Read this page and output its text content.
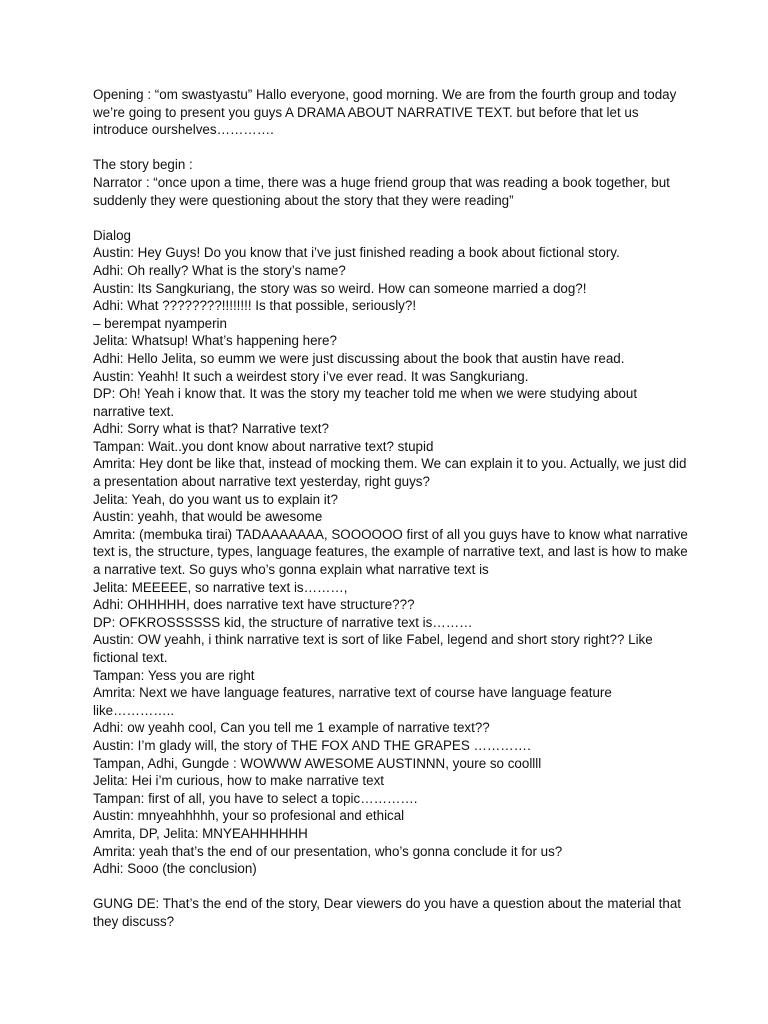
Opening : “om swastyastu” Hallo everyone, good morning. We are from the fourth group and today we’re going to present you guys A DRAMA ABOUT NARRATIVE TEXT. but before that let us introduce ourshelves………….

The story begin :

Narrator : “once upon a time, there was a huge friend group that was reading a book together, but suddenly they were questioning about the story that they were reading”

Dialog

Austin: Hey Guys! Do you know that i’ve just finished reading a book about fictional story.

Adhi: Oh really? What is the story’s name?

Austin: Its Sangkuriang, the story was so weird. How can someone married a dog?!

Adhi: What ????????!!!!!!!! Is that possible, seriously?!

– berempat nyamperin

Jelita: Whatsup! What’s happening here?

Adhi: Hello Jelita, so eumm we were just discussing about the book that austin have read.

Austin: Yeahh! It such a weirdest story i’ve ever read. It was Sangkuriang.

DP: Oh! Yeah i know that. It was the story my teacher told me when we were studying about narrative text.

Adhi: Sorry what is that? Narrative text?

Tampan: Wait..you dont know about narrative text? stupid

Amrita: Hey dont be like that, instead of mocking them. We can explain it to you. Actually, we just did a presentation about narrative text yesterday, right guys?

Jelita: Yeah, do you want us to explain it?

Austin: yeahh, that would be awesome

Amrita: (membuka tirai) TADAAAAAAA, SOOOOOO first of all you guys have to know what narrative text is, the structure, types, language features, the example of narrative text, and last is how to make a narrative text. So guys who’s gonna explain what narrative text is

Jelita: MEEEEE, so narrative text is………,

Adhi: OHHHHH, does narrative text have structure???

DP: OFKROSSSSSS kid, the structure of narrative text is………

Austin: OW yeahh, i think narrative text is sort of like Fabel, legend and short story right?? Like fictional text.

Tampan: Yess you are right

Amrita: Next we have language features, narrative text of course have language feature like…………..

Adhi: ow yeahh cool, Can you tell me 1 example of narrative text??

Austin: I’m glady will, the story of THE FOX AND THE GRAPES ………….

Tampan, Adhi, Gungde : WOWWW AWESOME AUSTINNN, youre so coollll

Jelita: Hei i’m curious, how to make narrative text

Tampan: first of all, you have to select a topic………….

Austin: mnyeahhhhh, your so profesional and ethical

Amrita, DP, Jelita: MNYEAHHHHHH

Amrita: yeah that’s the end of our presentation, who’s gonna conclude it for us?

Adhi: Sooo (the conclusion)

GUNG DE: That’s the end of the story, Dear viewers do you have a question about the material that they discuss?
